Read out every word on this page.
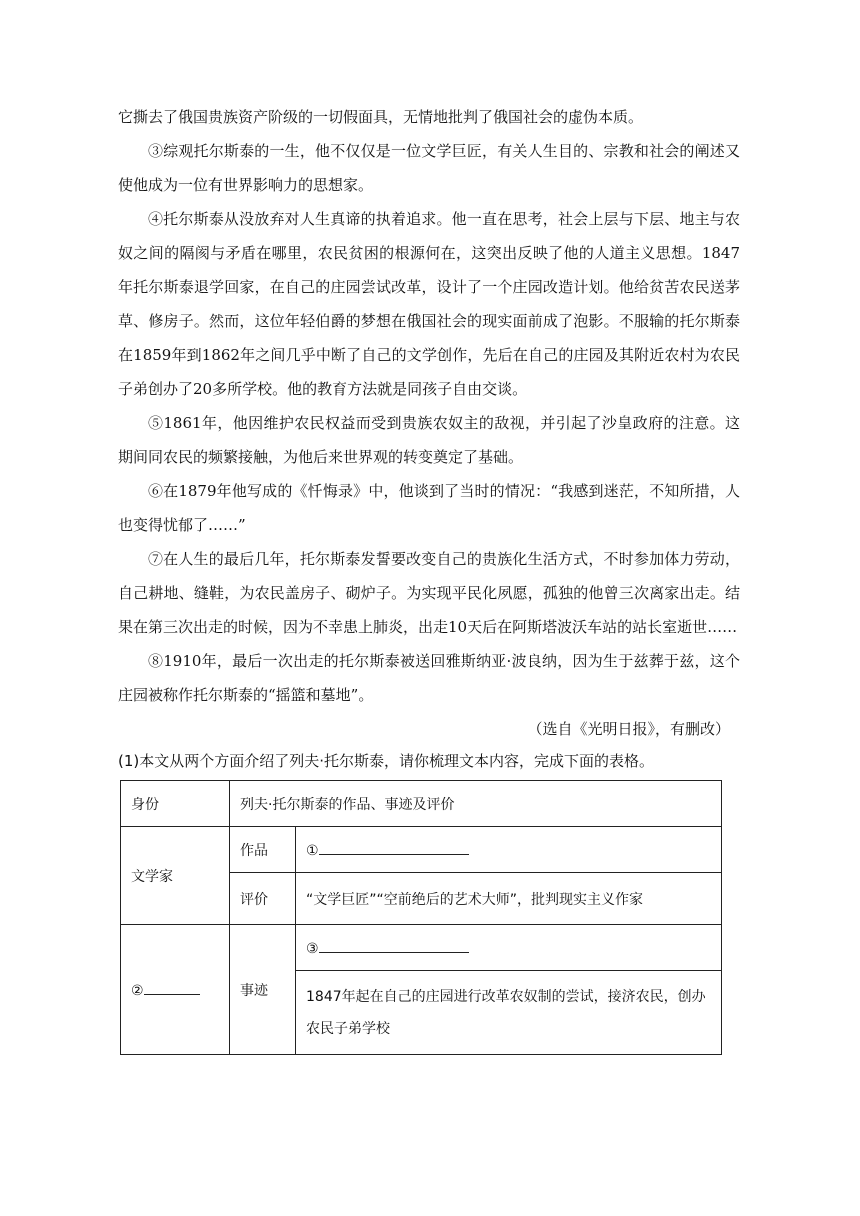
它撕去了俄国贵族资产阶级的一切假面具，无情地批判了俄国社会的虚伪本质。

③综观托尔斯泰的一生，他不仅仅是一位文学巨匠，有关人生目的、宗教和社会的阐述又使他成为一位有世界影响力的思想家。

④托尔斯泰从没放弃对人生真谛的执着追求。他一直在思考，社会上层与下层、地主与农奴之间的隔阂与矛盾在哪里，农民贫困的根源何在，这突出反映了他的人道主义思想。1847年托尔斯泰退学回家，在自己的庄园尝试改革，设计了一个庄园改造计划。他给贫苦农民送茅草、修房子。然而，这位年轻伯爵的梦想在俄国社会的现实面前成了泡影。不服输的托尔斯泰在1859年到1862年之间几乎中断了自己的文学创作，先后在自己的庄园及其附近农村为农民子弟创办了20多所学校。他的教育方法就是同孩子自由交谈。

⑤1861年，他因维护农民权益而受到贵族农奴主的敌视，并引起了沙皇政府的注意。这期间同农民的频繁接触，为他后来世界观的转变奠定了基础。

⑥在1879年他写成的《忏悔录》中，他谈到了当时的情况：“我感到迷茫，不知所措，人也变得忧郁了……”

⑦在人生的最后几年，托尔斯泰发誓要改变自己的贵族化生活方式，不时参加体力劳动，自己耕地、缝鞋，为农民盖房子、砌炉子。为实现平民化夙愿，孤独的他曾三次离家出走。结果在第三次出走的时候，因为不幸患上肺炎，出走10天后在阿斯塔波沃车站的站长室逝世……

⑧1910年，最后一次出走的托尔斯泰被送回雅斯纳亚·波良纳，因为生于兹葬于兹，这个庄园被称作托尔斯泰的“摇篮和墓地”。

（选自《光明日报》，有删改）

(1)本文从两个方面介绍了列夫·托尔斯泰，请你梳理文本内容，完成下面的表格。

身份	列夫·托尔斯泰的作品、事迹及评价	
文学家	作品	①
	评价	“文学巨匠”“空前绝后的艺术大师”，批判现实主义作家
②	事迹	③
		1847年起在自己的庄园进行改革农奴制的尝试，接济农民，创办农民子弟学校
